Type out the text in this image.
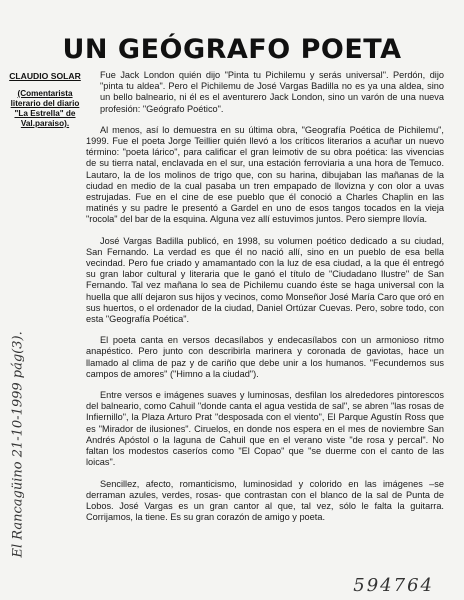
UN GEÓGRAFO POETA
CLAUDIO SOLAR
(Comentarista literario del diario "La Estrella" de Val.paraiso).

Fue Jack London quién dijo "Pinta tu Pichilemu y serás universal". Perdón, dijo "pinta tu aldea". Pero el Pichilemu de José Vargas Badilla no es ya una aldea, sino un bello balneario, ni él es el aventurero Jack London, sino un varón de una nueva profesión: "Geógrafo Poético".

Al menos, así lo demuestra en su última obra, "Geografía Poética de Pichilemu", 1999. Fue el poeta Jorge Teillier quién llevó a los críticos literarios a acuñar un nuevo término: "poeta lárico", para calificar el gran leimotiv de su obra poética: las vivencias de su tierra natal, enclavada en el sur, una estación ferroviaria a una hora de Temuco. Lautaro, la de los molinos de trigo que, con su harina, dibujaban las mañanas de la ciudad en medio de la cual pasaba un tren empapado de llovizna y con olor a uvas estrujadas. Fue en el cine de ese pueblo que él conoció a Charles Chaplin en las matinés y su padre le presentó a Gardel en uno de esos tangos tocados en la vieja "rocola" del bar de la esquina. Alguna vez allí estuvimos juntos. Pero siempre llovía.

José Vargas Badilla publicó, en 1998, su volumen poético dedicado a su ciudad, San Fernando. La verdad es que él no nació allí, sino en un pueblo de esa bella vecindad. Pero fue criado y amamantado con la luz de esa ciudad, a la que él entregó su gran labor cultural y literaria que le ganó el título de "Ciudadano Ilustre" de San Fernando. Tal vez mañana lo sea de Pichilemu cuando éste se haga universal con la huella que allí dejaron sus hijos y vecinos, como Monseñor José María Caro que oró en sus huertos, o el ordenador de la ciudad, Daniel Ortúzar Cuevas. Pero, sobre todo, con esta "Geografía Poética".

El poeta canta en versos decasílabos y endecasílabos con un armonioso ritmo anapéstico. Pero junto con describirla marinera y coronada de gaviotas, hace un llamado al clima de paz y de cariño que debe unir a los humanos. "Fecundemos sus campos de amores" ("Himno a la ciudad").

Entre versos e imágenes suaves y luminosas, desfilan los alrededores pintorescos del balneario, como Cahuil "donde canta el agua vestida de sal", se abren "las rosas de Infiernillo", la Plaza Arturo Prat "desposada con el viento", El Parque Agustín Ross que es "Mirador de ilusiones". Ciruelos, en donde nos espera en el mes de noviembre San Andrés Apóstol o la laguna de Cahuil que en el verano viste "de rosa y percal". No faltan los modestos caseríos como "El Copao" que "se duerme con el canto de las loicas".

Sencillez, afecto, romanticismo, luminosidad y colorido en las imágenes –se derraman azules, verdes, rosas- que contrastan con el blanco de la sal de Punta de Lobos. José Vargas es un gran cantor al que, tal vez, sólo le falta la guitarra. Corrijamos, la tiene. Es su gran corazón de amigo y poeta.

El Rancagüino 21-10-1999 pág(3).
594764
